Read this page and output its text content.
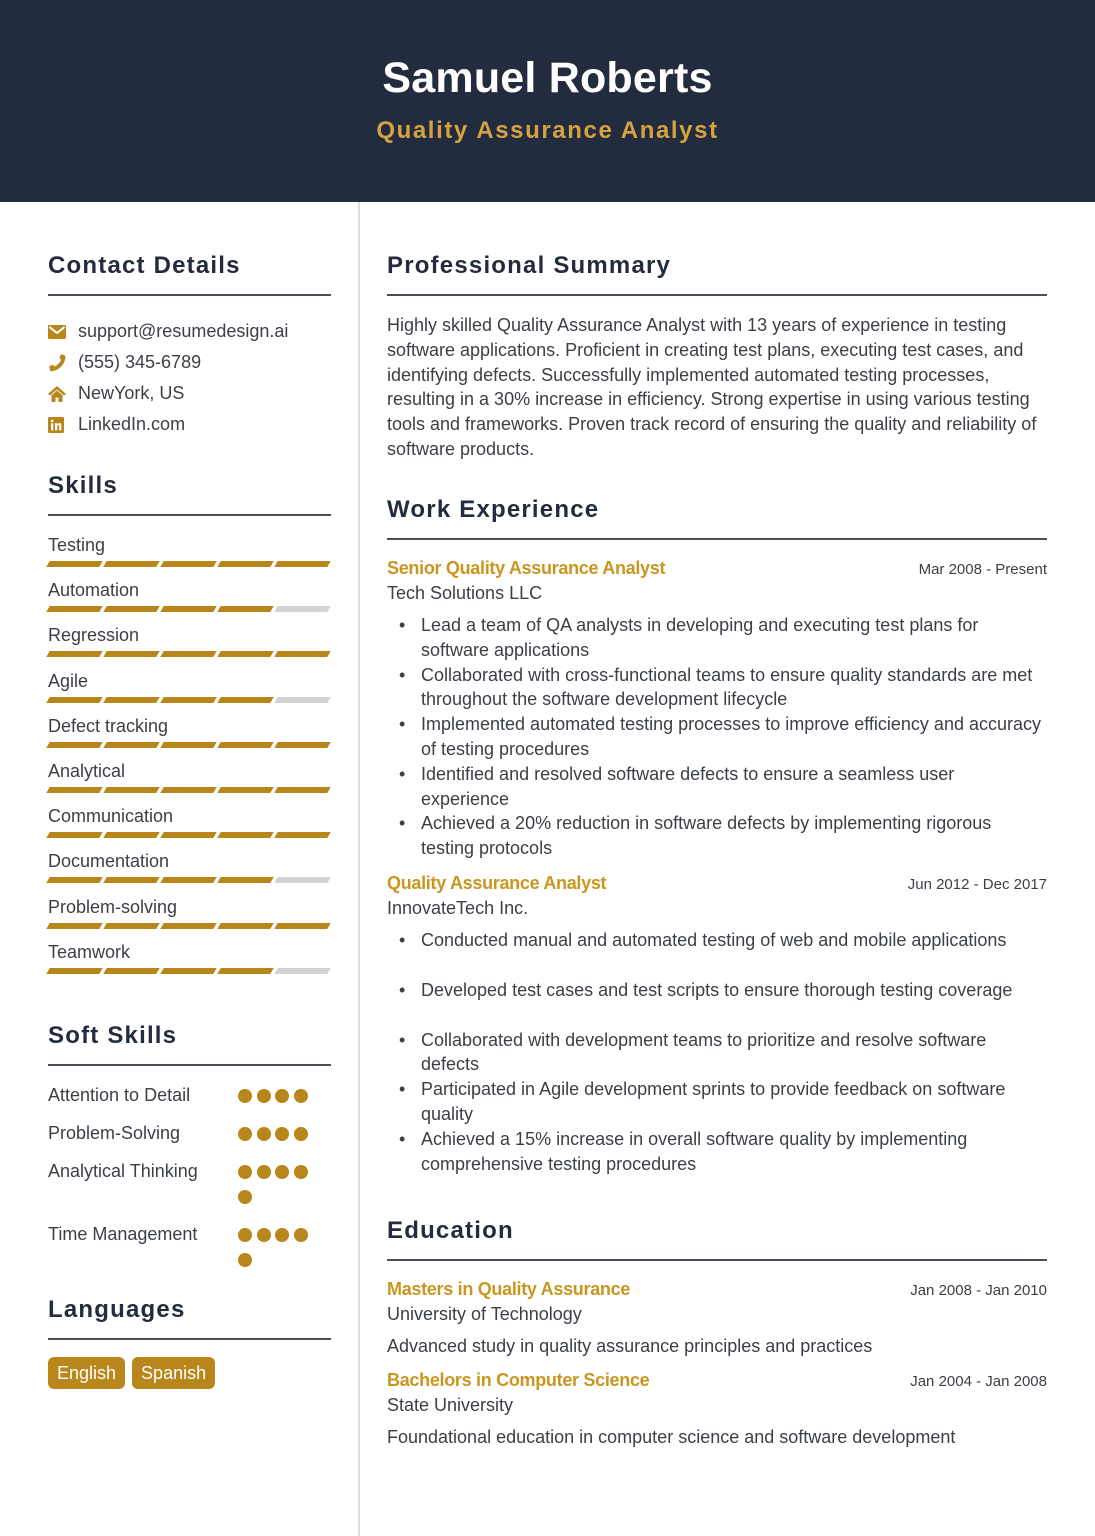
Samuel Roberts
Quality Assurance Analyst
Contact Details
support@resumedesign.ai
(555) 345-6789
NewYork, US
LinkedIn.com
Skills
Testing
Automation
Regression
Agile
Defect tracking
Analytical
Communication
Documentation
Problem-solving
Teamwork
Soft Skills
Attention to Detail
Problem-Solving
Analytical Thinking
Time Management
Languages
English	Spanish
Professional Summary

Highly skilled Quality Assurance Analyst with 13 years of experience in testing software applications. Proficient in creating test plans, executing test cases, and identifying defects. Successfully implemented automated testing processes, resulting in a 30% increase in efficiency. Strong expertise in using various testing tools and frameworks. Proven track record of ensuring the quality and reliability of software products.

Work Experience
Senior Quality Assurance Analyst	Mar 2008 - Present
Tech Solutions LLC
• Lead a team of QA analysts in developing and executing test plans for software applications
• Collaborated with cross-functional teams to ensure quality standards are met throughout the software development lifecycle
• Implemented automated testing processes to improve efficiency and accuracy of testing procedures
• Identified and resolved software defects to ensure a seamless user experience
• Achieved a 20% reduction in software defects by implementing rigorous testing protocols
Quality Assurance Analyst	Jun 2012 - Dec 2017
InnovateTech Inc.
• Conducted manual and automated testing of web and mobile applications
• Developed test cases and test scripts to ensure thorough testing coverage
• Collaborated with development teams to prioritize and resolve software defects
• Participated in Agile development sprints to provide feedback on software quality
• Achieved a 15% increase in overall software quality by implementing comprehensive testing procedures
Education
Masters in Quality Assurance	Jan 2008 - Jan 2010
University of Technology
Advanced study in quality assurance principles and practices
Bachelors in Computer Science	Jan 2004 - Jan 2008
State University
Foundational education in computer science and software development
